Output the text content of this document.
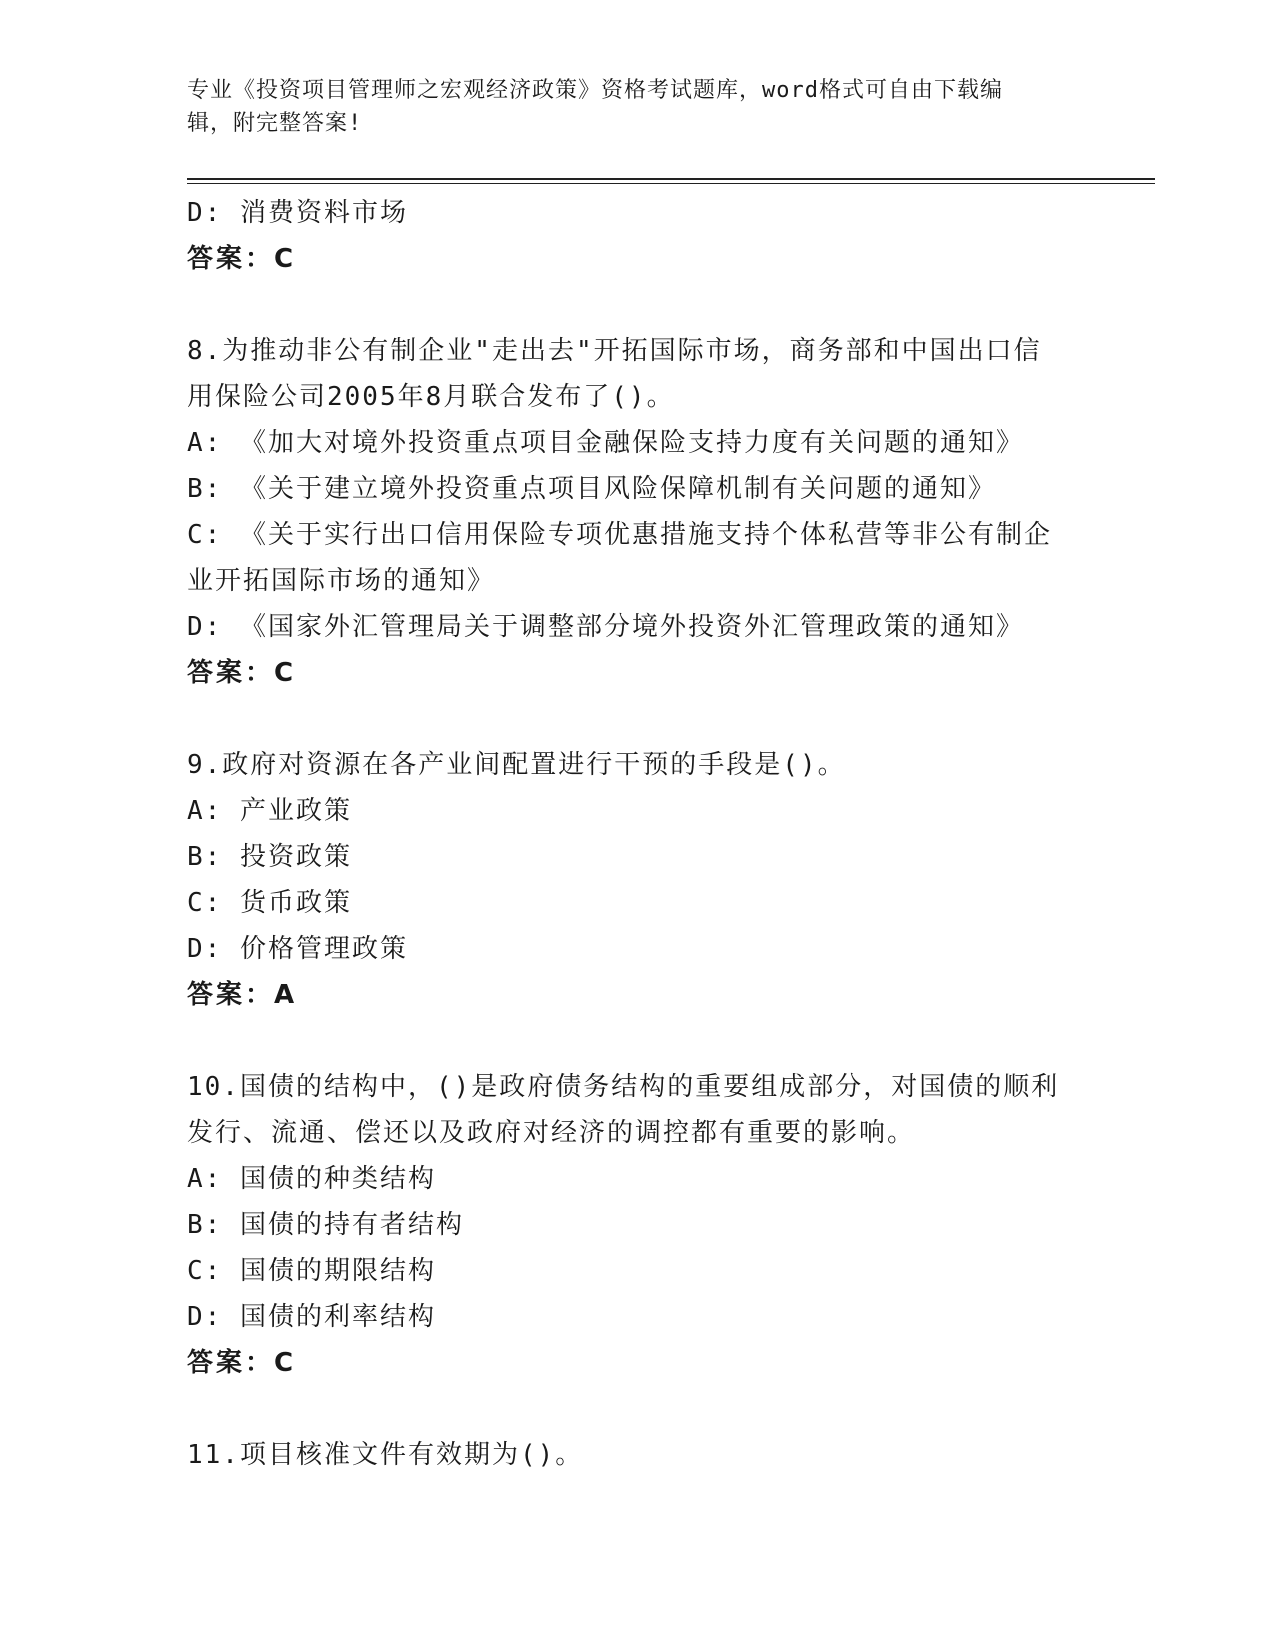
专业《投资项目管理师之宏观经济政策》资格考试题库，word格式可自由下载编
辑，附完整答案!
D: 消费资料市场
答案：C
8.为推动非公有制企业"走出去"开拓国际市场，商务部和中国出口信
用保险公司2005年8月联合发布了()。
A: 《加大对境外投资重点项目金融保险支持力度有关问题的通知》
B: 《关于建立境外投资重点项目风险保障机制有关问题的通知》
C: 《关于实行出口信用保险专项优惠措施支持个体私营等非公有制企
业开拓国际市场的通知》
D: 《国家外汇管理局关于调整部分境外投资外汇管理政策的通知》
答案：C
9.政府对资源在各产业间配置进行干预的手段是()。
A: 产业政策
B: 投资政策
C: 货币政策
D: 价格管理政策
答案：A
10.国债的结构中，()是政府债务结构的重要组成部分，对国债的顺利
发行、流通、偿还以及政府对经济的调控都有重要的影响。
A: 国债的种类结构
B: 国债的持有者结构
C: 国债的期限结构
D: 国债的利率结构
答案：C
11.项目核准文件有效期为()。
